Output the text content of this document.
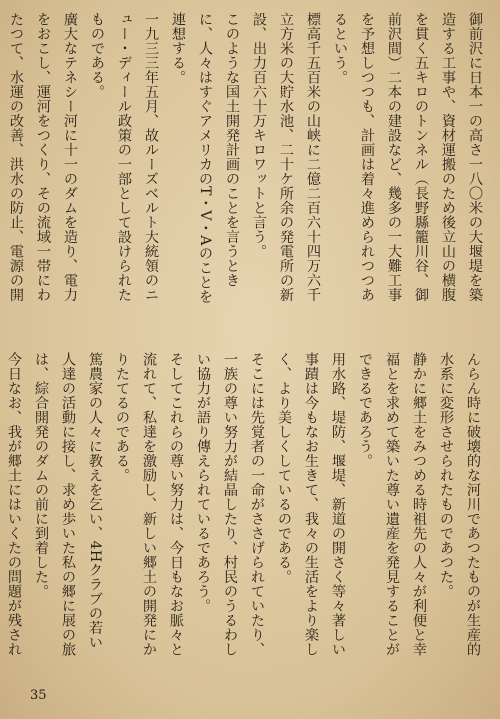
御前沢に日本一の高さ一八〇米の大堰堤を築造する工事や、資材運搬のため後立山の横腹を貫く五キロのトンネル（長野縣籠川谷、御前沢間）二本の建設など、幾多の一大難工事を予想しつつも、計画は着々進められつつあるという。

標高千五百米の山峡に二億二百六十四万六千立方米の大貯水池、二十ケ所余の発電所の新設、出力百六十万キロワットと言う。

このような国土開発計画のことを言うときに、人々はすぐアメリカのT・V・Aのことを連想する。

一九三三年五月、故ルーズベルト大統領のニュー・ディール政策の一部として設けられたものである。

廣大なテネシー河に十一のダムを造り、電力をおこし、運河をつくり、その流域一帯にわたつて、水運の改善、洪水の防止、電源の開

んらん時に破壊的な河川であつたものが生産的水系に変形させられたものであつた。

静かに郷土をみつめる時祖先の人々が利便と幸福とを求めて築いた尊い遺産を発見することができるであろう。

用水路、堤防、堰堤、新道の開さく等々著しい事蹟は今もなお生きて、我々の生活をより楽しく、より美しくしているのである。

そこには先覚者の一命がささげられていたり、一族の尊い努力が結晶したり、村民のうるわしい協力が語り傳えられているであろう。

そしてこれらの尊い努力は、今日もなお脈々と流れて、私達を激励し、新しい郷土の開発にかりたてるのである。

篤農家の人々に教えを乞い、4Hクラブの若い人達の活動に接し、求め歩いた私の郷に展の旅は、綜合開発のダムの前に到着した。

今日なお、我が郷土にはいくたの問題が残され

35
